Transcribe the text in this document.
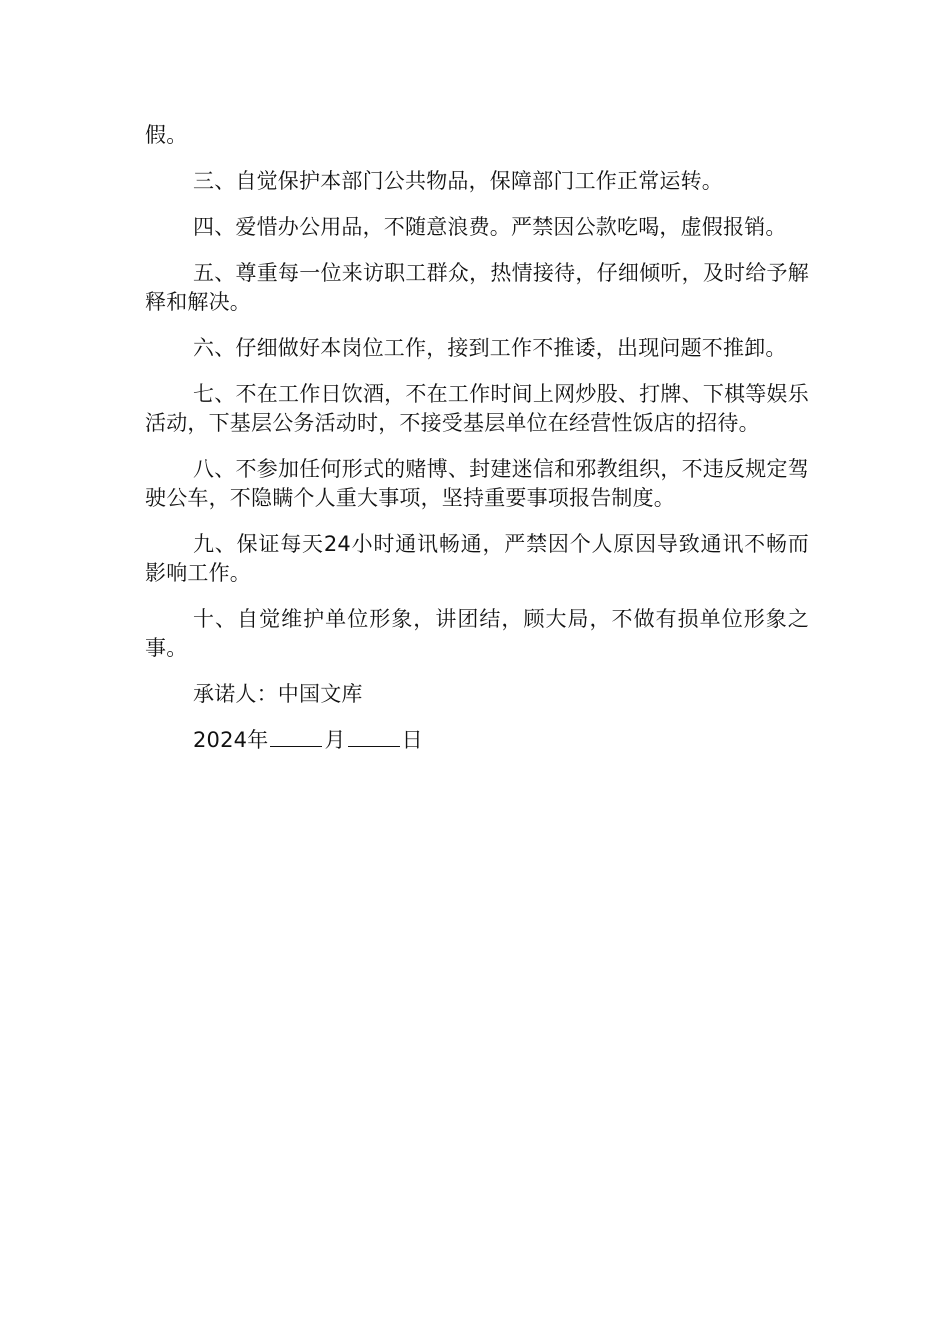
假。

三、自觉保护本部门公共物品，保障部门工作正常运转。

四、爱惜办公用品，不随意浪费。严禁因公款吃喝，虚假报销。

五、尊重每一位来访职工群众，热情接待，仔细倾听，及时给予解释和解决。

六、仔细做好本岗位工作，接到工作不推诿，出现问题不推卸。

七、不在工作日饮酒，不在工作时间上网炒股、打牌、下棋等娱乐活动，下基层公务活动时，不接受基层单位在经营性饭店的招待。

八、不参加任何形式的赌博、封建迷信和邪教组织，不违反规定驾驶公车，不隐瞒个人重大事项，坚持重要事项报告制度。

九、保证每天24小时通讯畅通，严禁因个人原因导致通讯不畅而影响工作。

十、自觉维护单位形象，讲团结，顾大局，不做有损单位形象之事。

承诺人：中国文库

2024年	月	日
